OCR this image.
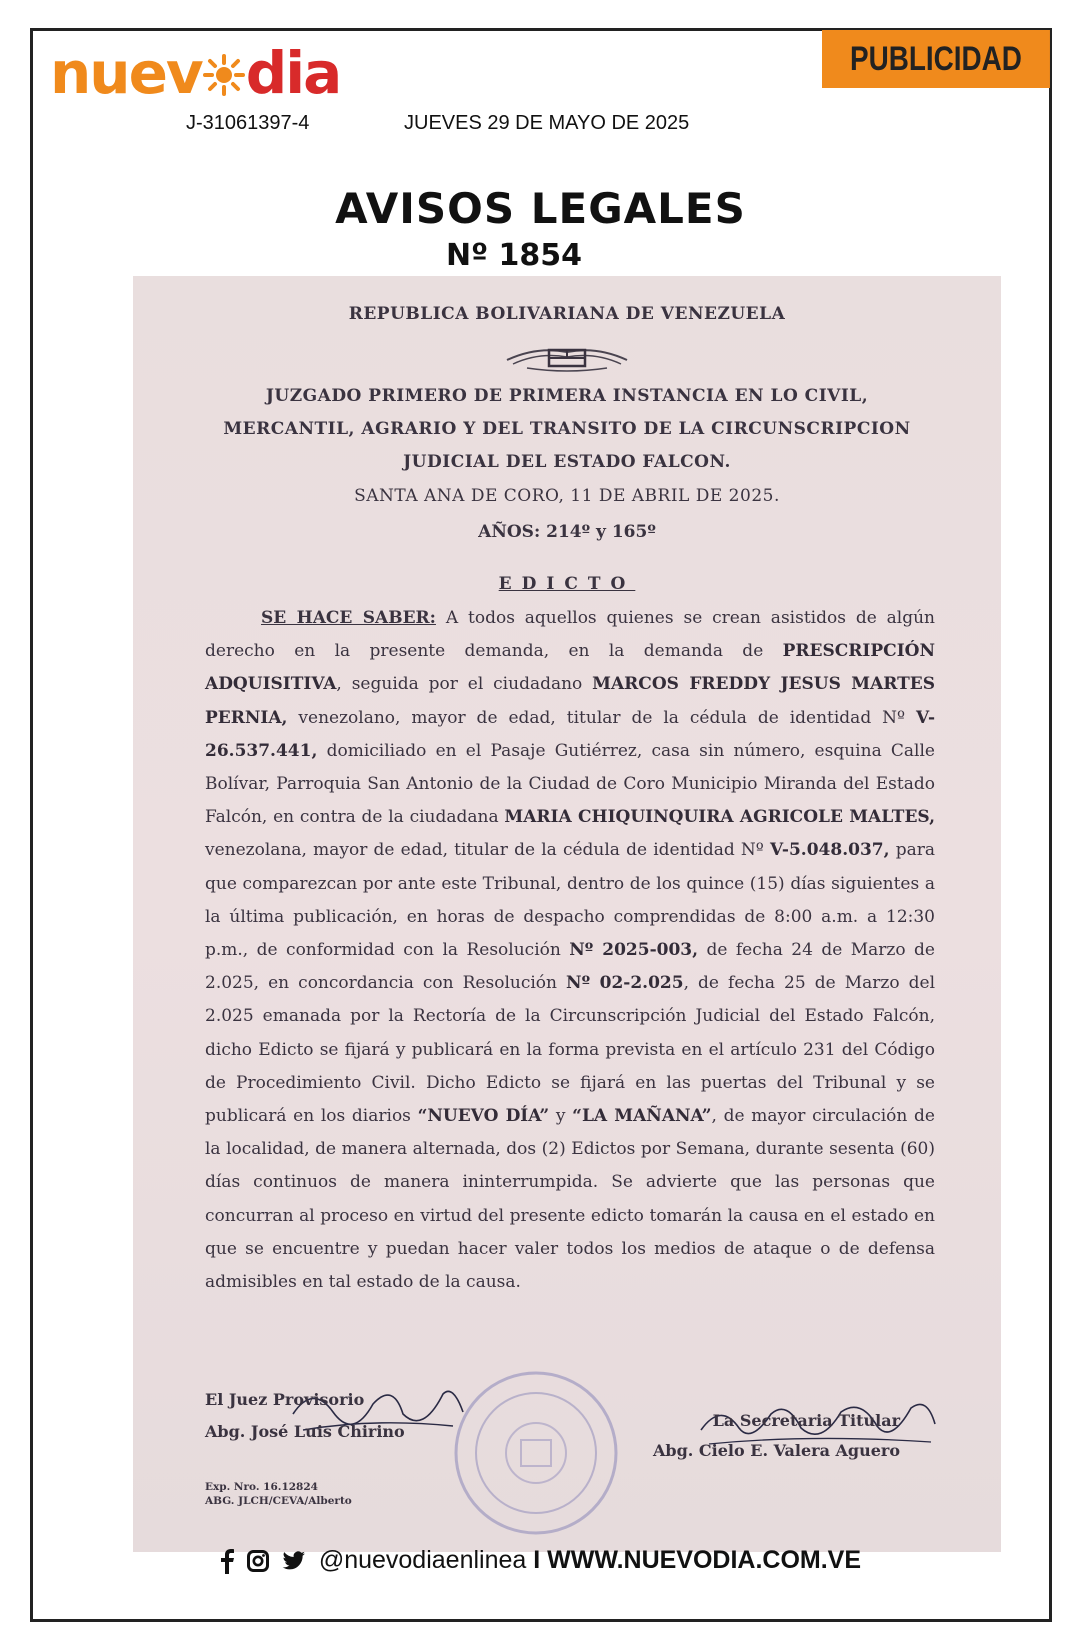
nuev dia
J-31061397-4	JUEVES 29 DE MAYO DE 2025
PUBLICIDAD
AVISOS LEGALES
Nº 1854
REPUBLICA BOLIVARIANA DE VENEZUELA
JUZGADO PRIMERO DE PRIMERA INSTANCIA EN LO CIVIL,
MERCANTIL, AGRARIO Y DEL TRANSITO DE LA CIRCUNSCRIPCION
JUDICIAL DEL ESTADO FALCON.
SANTA ANA DE CORO, 11 DE ABRIL DE 2025.
AÑOS: 214º y 165º
EDICTO
SE HACE SABER: A todos aquellos quienes se crean asistidos de algún derecho en la presente demanda, en la demanda de PRESCRIPCIÓN ADQUISITIVA, seguida por el ciudadano MARCOS FREDDY JESUS MARTES PERNIA, venezolano, mayor de edad, titular de la cédula de identidad Nº V- 26.537.441, domiciliado en el Pasaje Gutiérrez, casa sin número, esquina Calle Bolívar, Parroquia San Antonio de la Ciudad de Coro Municipio Miranda del Estado Falcón, en contra de la ciudadana MARIA CHIQUINQUIRA AGRICOLE MALTES, venezolana, mayor de edad, titular de la cédula de identidad Nº V-5.048.037, para que comparezcan por ante este Tribunal, dentro de los quince (15) días siguientes a la última publicación, en horas de despacho comprendidas de 8:00 a.m. a 12:30 p.m., de conformidad con la Resolución Nº 2025-003, de fecha 24 de Marzo de 2.025, en concordancia con Resolución Nº 02-2.025, de fecha 25 de Marzo del 2.025 emanada por la Rectoría de la Circunscripción Judicial del Estado Falcón, dicho Edicto se fijará y publicará en la forma prevista en el artículo 231 del Código de Procedimiento Civil. Dicho Edicto se fijará en las puertas del Tribunal y se publicará en los diarios “NUEVO DÍA” y “LA MAÑANA”, de mayor circulación de la localidad, de manera alternada, dos (2) Edictos por Semana, durante sesenta (60) días continuos de manera ininterrumpida. Se advierte que las personas que concurran al proceso en virtud del presente edicto tomarán la causa en el estado en que se encuentre y puedan hacer valer todos los medios de ataque o de defensa admisibles en tal estado de la causa.
El Juez Provisorio
Abg. José Luis Chirino
La Secretaria Titular
Abg. Cielo E. Valera Aguero
Exp. Nro. 16.12824
ABG. JLCH/CEVA/Alberto
@nuevodiaenlinea I WWW.NUEVODIA.COM.VE
